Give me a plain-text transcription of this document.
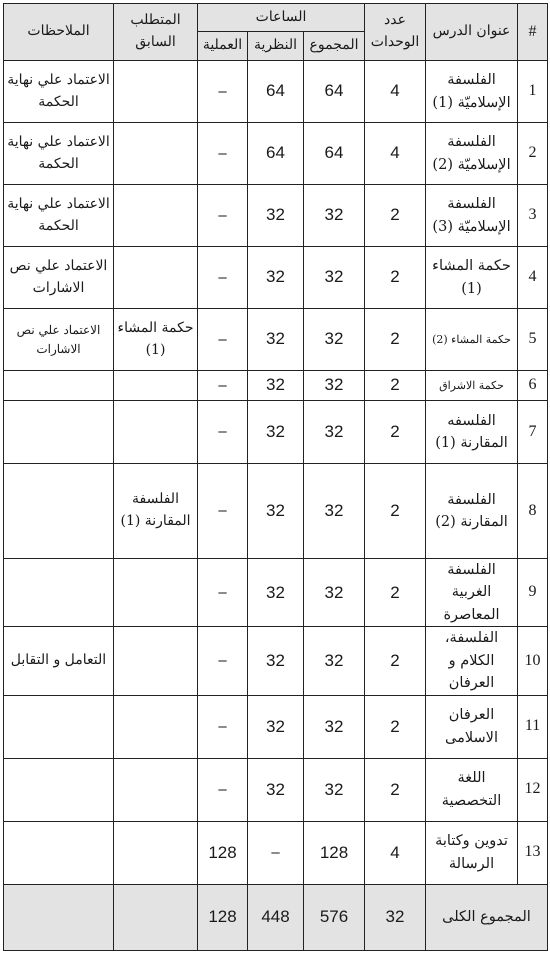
#	عنوان الدرس	عدد الوحدات	الساعات			المتطلب السابق	الملاحظات
			المجموع	النظرية	العملية		
1	الفلسفة الإسلاميّة (1)	4	64	64	–		الاعتماد علي نهاية الحكمة
2	الفلسفة الإسلاميّة (2)	4	64	64	–		الاعتماد علي نهاية الحكمة
3	الفلسفة الإسلاميّة (3)	2	32	32	–		الاعتماد علي نهاية الحكمة
4	حكمة المشاء (1)	2	32	32	–		الاعتماد علي نص الاشارات
5	حكمة المشاء (2)	2	32	32	–	حكمة المشاء (1)	الاعتماد علي نص الاشارات
6	حكمة الاشراق	2	32	32	–		
7	الفلسفه المقارنة (1)	2	32	32	–		
8	الفلسفة المقارنة (2)	2	32	32	–	الفلسفة المقارنة (1)	
9	الفلسفة الغربية المعاصرة	2	32	32	–		
10	الفلسفة، الكلام و العرفان	2	32	32	–		التعامل و التقابل
11	العرفان الاسلامى	2	32	32	–		
12	اللغة التخصصية	2	32	32	–		
13	تدوين وكتابة الرسالة	4	128	–	128		
المجموع الكلى		32	576	448	128		
